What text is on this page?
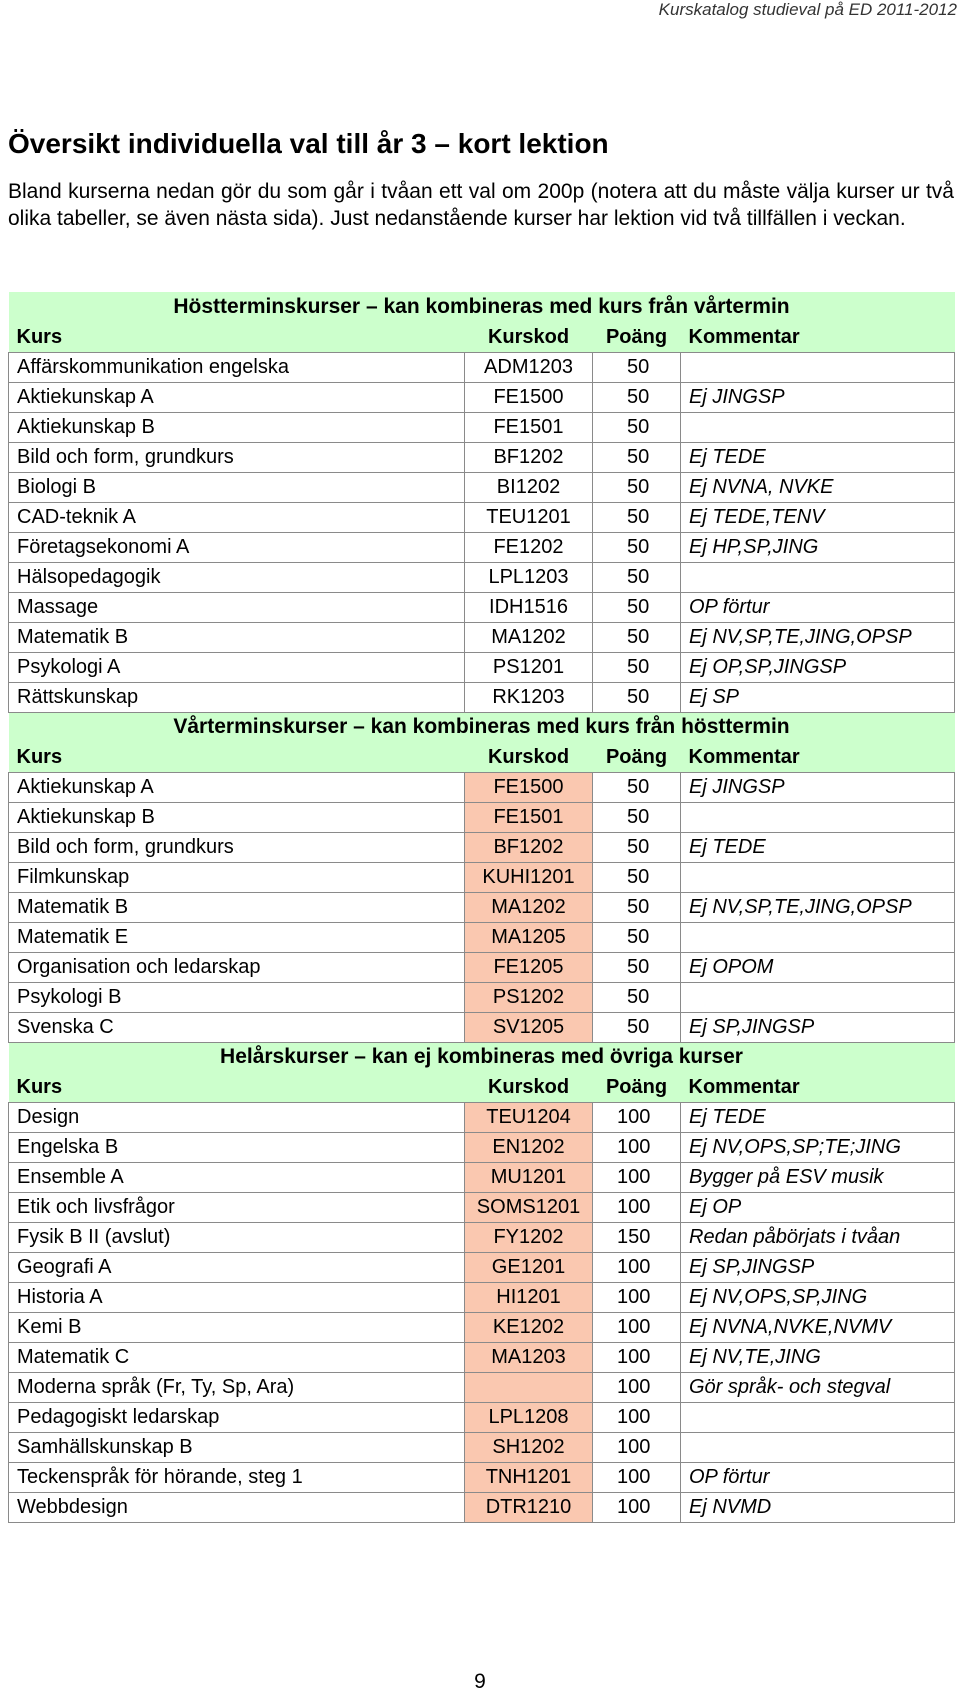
Kurskatalog studieval på ED 2011-2012
Översikt individuella val till år 3 – kort lektion

Bland kurserna nedan gör du som går i tvåan ett val om 200p (notera att du måste välja kurser ur två olika tabeller, se även nästa sida). Just nedanstående kurser har lektion vid två tillfällen i veckan.

Höstterminskurser – kan kombineras med kurs från vårtermin			
Kurs	Kurskod	Poäng	Kommentar
Affärskommunikation engelska	ADM1203	50	
Aktiekunskap A	FE1500	50	Ej JINGSP
Aktiekunskap B	FE1501	50	
Bild och form, grundkurs	BF1202	50	Ej TEDE
Biologi B	BI1202	50	Ej NVNA, NVKE
CAD-teknik A	TEU1201	50	Ej TEDE,TENV
Företagsekonomi A	FE1202	50	Ej HP,SP,JING
Hälsopedagogik	LPL1203	50	
Massage	IDH1516	50	OP förtur
Matematik B	MA1202	50	Ej NV,SP,TE,JING,OPSP
Psykologi A	PS1201	50	Ej OP,SP,JINGSP
Rättskunskap	RK1203	50	Ej SP
Vårterminskurser – kan kombineras med kurs från hösttermin			
Kurs	Kurskod	Poäng	Kommentar
Aktiekunskap A	FE1500	50	Ej JINGSP
Aktiekunskap B	FE1501	50	
Bild och form, grundkurs	BF1202	50	Ej TEDE
Filmkunskap	KUHI1201	50	
Matematik B	MA1202	50	Ej NV,SP,TE,JING,OPSP
Matematik E	MA1205	50	
Organisation och ledarskap	FE1205	50	Ej OPOM
Psykologi B	PS1202	50	
Svenska C	SV1205	50	Ej SP,JINGSP
Helårskurser – kan ej kombineras med övriga kurser			
Kurs	Kurskod	Poäng	Kommentar
Design	TEU1204	100	Ej TEDE
Engelska B	EN1202	100	Ej NV,OPS,SP;TE;JING
Ensemble A	MU1201	100	Bygger på ESV musik
Etik och livsfrågor	SOMS1201	100	Ej OP
Fysik B II (avslut)	FY1202	150	Redan påbörjats i tvåan
Geografi A	GE1201	100	Ej SP,JINGSP
Historia A	HI1201	100	Ej NV,OPS,SP,JING
Kemi B	KE1202	100	Ej NVNA,NVKE,NVMV
Matematik C	MA1203	100	Ej NV,TE,JING
Moderna språk (Fr, Ty, Sp, Ara)		100	Gör språk- och stegval
Pedagogiskt ledarskap	LPL1208	100	
Samhällskunskap B	SH1202	100	
Teckenspråk för hörande, steg 1	TNH1201	100	OP förtur
Webbdesign	DTR1210	100	Ej NVMD
9
